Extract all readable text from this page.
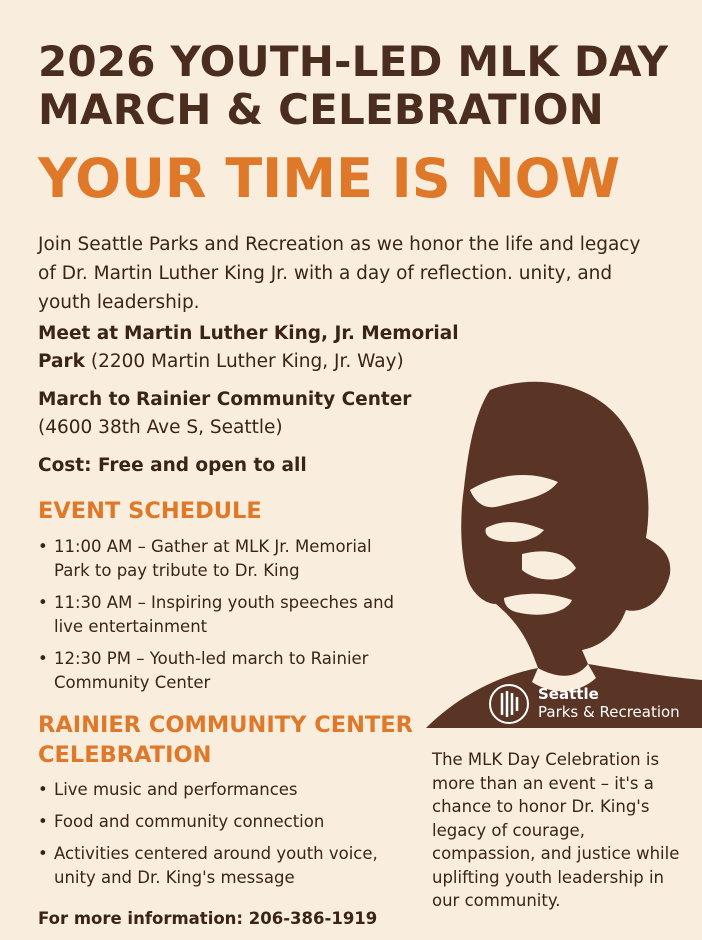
2026 YOUTH-LED MLK DAY
MARCH & CELEBRATION
YOUR TIME IS NOW
Join Seattle Parks and Recreation as we honor the life and legacy of Dr. Martin Luther King Jr. with a day of reflection. unity, and youth leadership.
Meet at Martin Luther King, Jr. Memorial Park (2200 Martin Luther King, Jr. Way)
March to Rainier Community Center
(4600 38th Ave S, Seattle)
Cost: Free and open to all
EVENT SCHEDULE
• 11:00 AM – Gather at MLK Jr. Memorial Park to pay tribute to Dr. King
• 11:30 AM – Inspiring youth speeches and live entertainment
• 12:30 PM – Youth-led march to Rainier Community Center
RAINIER COMMUNITY CENTER CELEBRATION
• Live music and performances
• Food and community connection
• Activities centered around youth voice, unity and Dr. King's message
For more information: 206-386-1919
Seattle
Parks & Recreation
The MLK Day Celebration is more than an event – it's a chance to honor Dr. King's legacy of courage, compassion, and justice while uplifting youth leadership in our community.
